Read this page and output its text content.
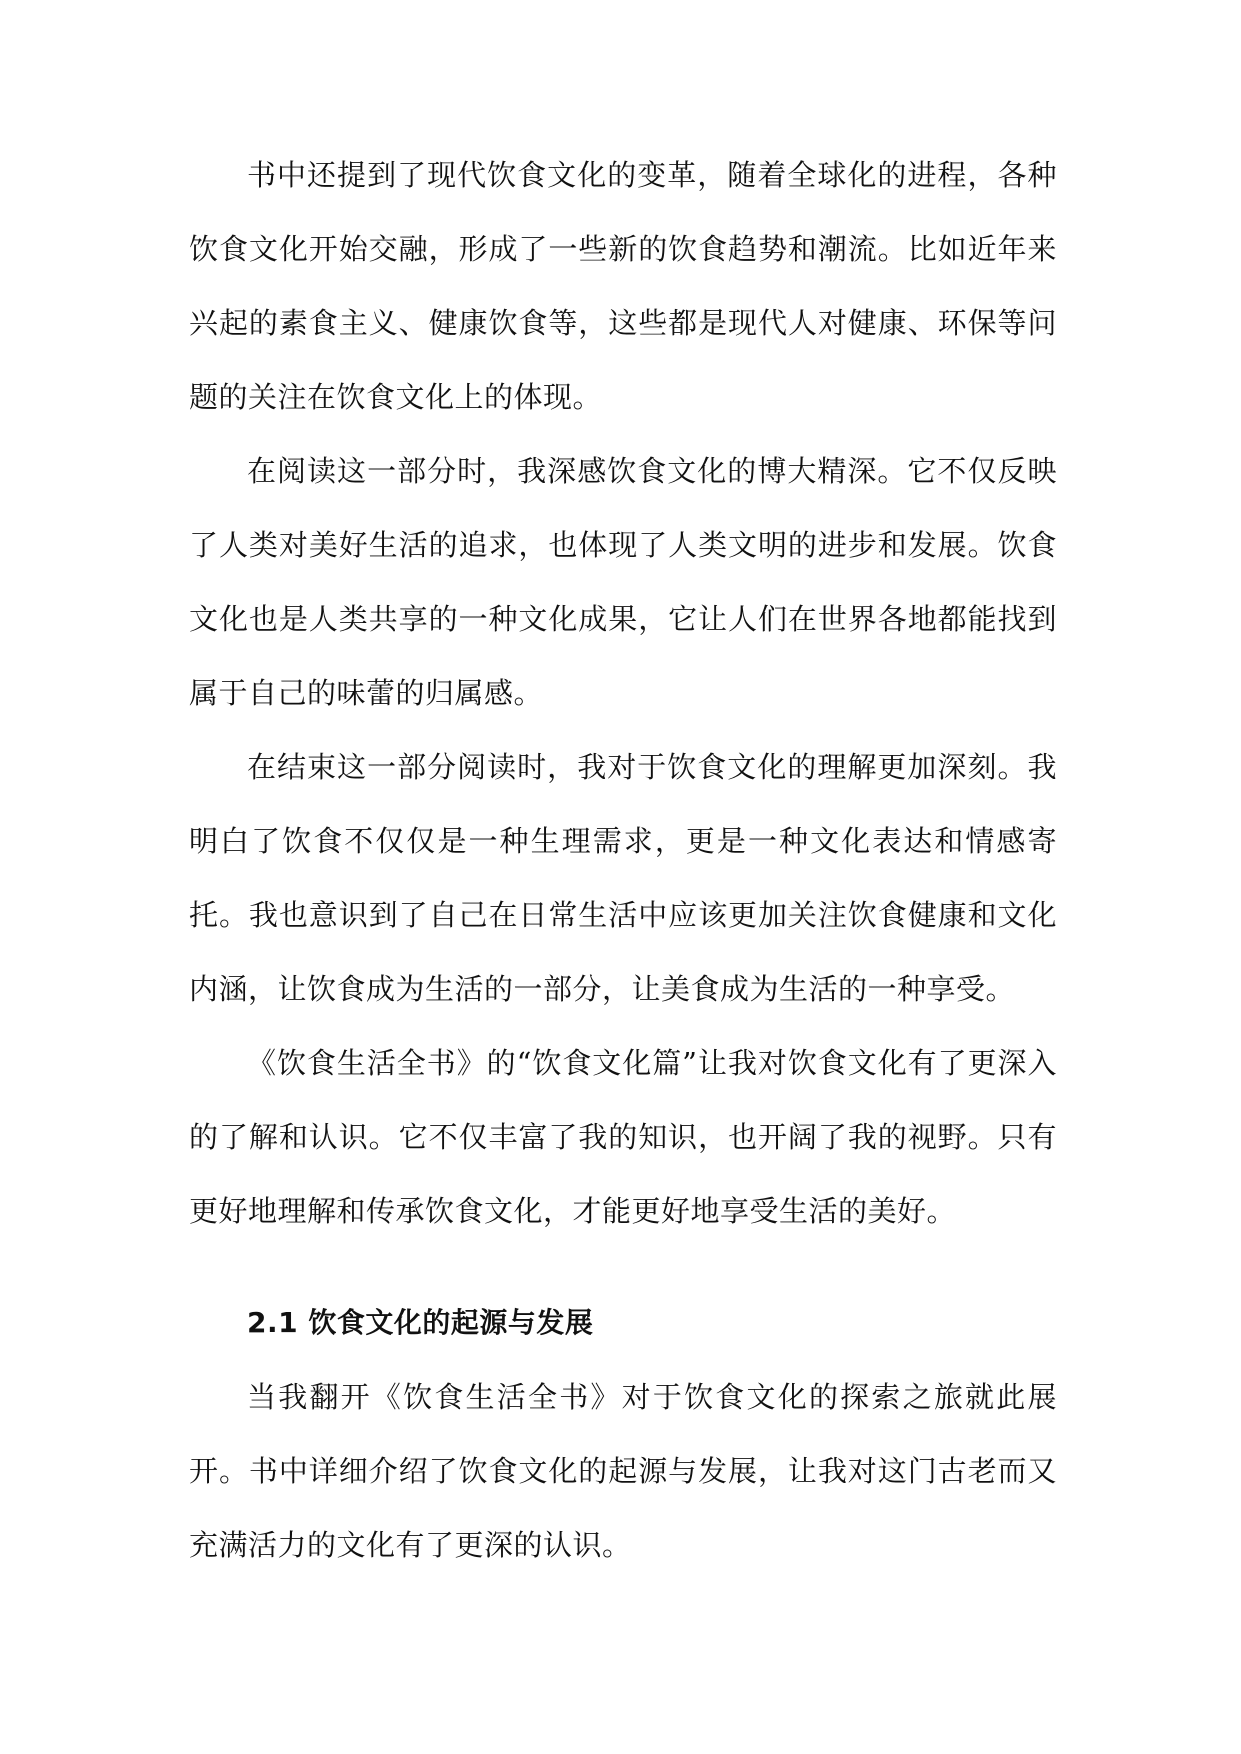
书中还提到了现代饮食文化的变革，随着全球化的进程，各种饮食文化开始交融，形成了一些新的饮食趋势和潮流。比如近年来兴起的素食主义、健康饮食等，这些都是现代人对健康、环保等问题的关注在饮食文化上的体现。

在阅读这一部分时，我深感饮食文化的博大精深。它不仅反映了人类对美好生活的追求，也体现了人类文明的进步和发展。饮食文化也是人类共享的一种文化成果，它让人们在世界各地都能找到属于自己的味蕾的归属感。

在结束这一部分阅读时，我对于饮食文化的理解更加深刻。我明白了饮食不仅仅是一种生理需求，更是一种文化表达和情感寄托。我也意识到了自己在日常生活中应该更加关注饮食健康和文化内涵，让饮食成为生活的一部分，让美食成为生活的一种享受。

《饮食生活全书》的“饮食文化篇”让我对饮食文化有了更深入的了解和认识。它不仅丰富了我的知识，也开阔了我的视野。只有更好地理解和传承饮食文化，才能更好地享受生活的美好。

2.1 饮食文化的起源与发展

当我翻开《饮食生活全书》对于饮食文化的探索之旅就此展开。书中详细介绍了饮食文化的起源与发展，让我对这门古老而又充满活力的文化有了更深的认识。
